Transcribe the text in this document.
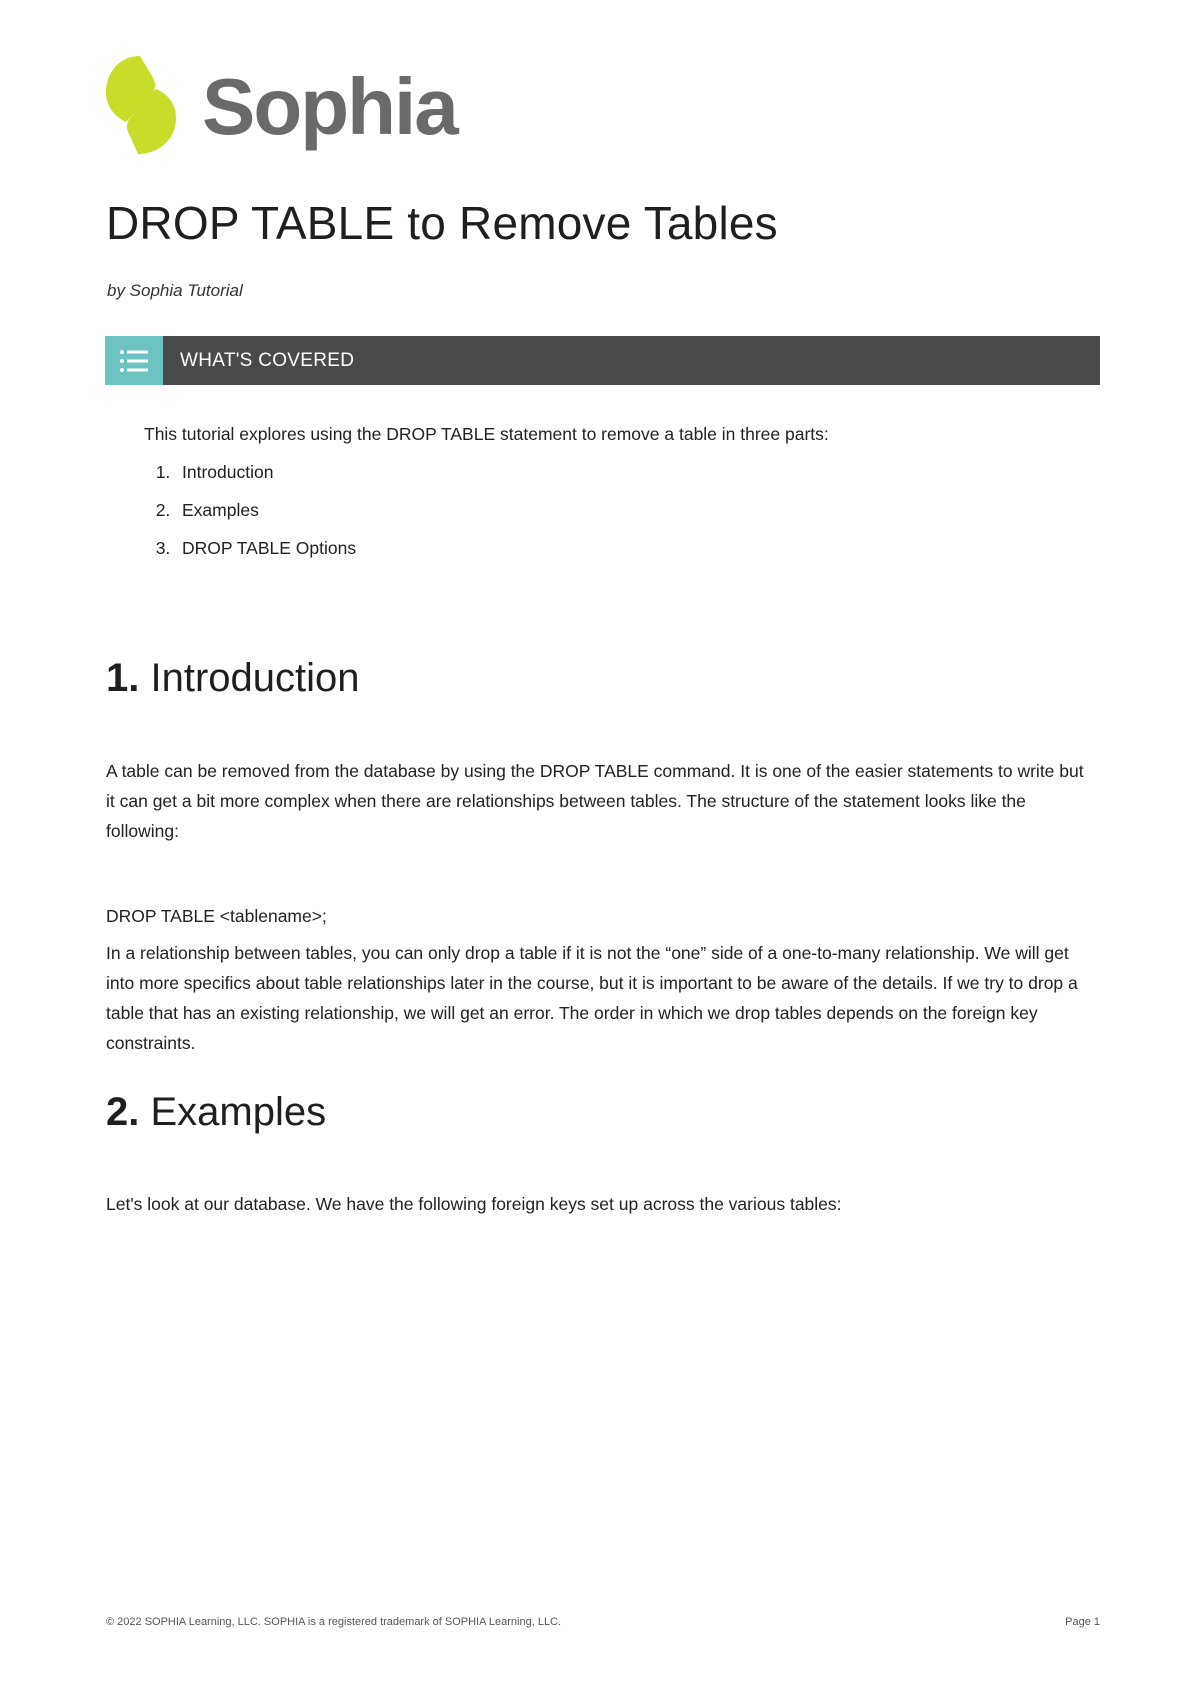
Sophia
DROP TABLE to Remove Tables
by Sophia Tutorial
WHAT'S COVERED
This tutorial explores using the DROP TABLE statement to remove a table in three parts:
1. Introduction
2. Examples
3. DROP TABLE Options
1. Introduction

A table can be removed from the database by using the DROP TABLE command. It is one of the easier statements to write but it can get a bit more complex when there are relationships between tables. The structure of the statement looks like the following:

DROP TABLE <tablename>;

In a relationship between tables, you can only drop a table if it is not the “one” side of a one-to-many relationship. We will get into more specifics about table relationships later in the course, but it is important to be aware of the details. If we try to drop a table that has an existing relationship, we will get an error. The order in which we drop tables depends on the foreign key constraints.

2. Examples

Let's look at our database. We have the following foreign keys set up across the various tables:

© 2022 SOPHIA Learning, LLC. SOPHIA is a registered trademark of SOPHIA Learning, LLC.	Page 1
